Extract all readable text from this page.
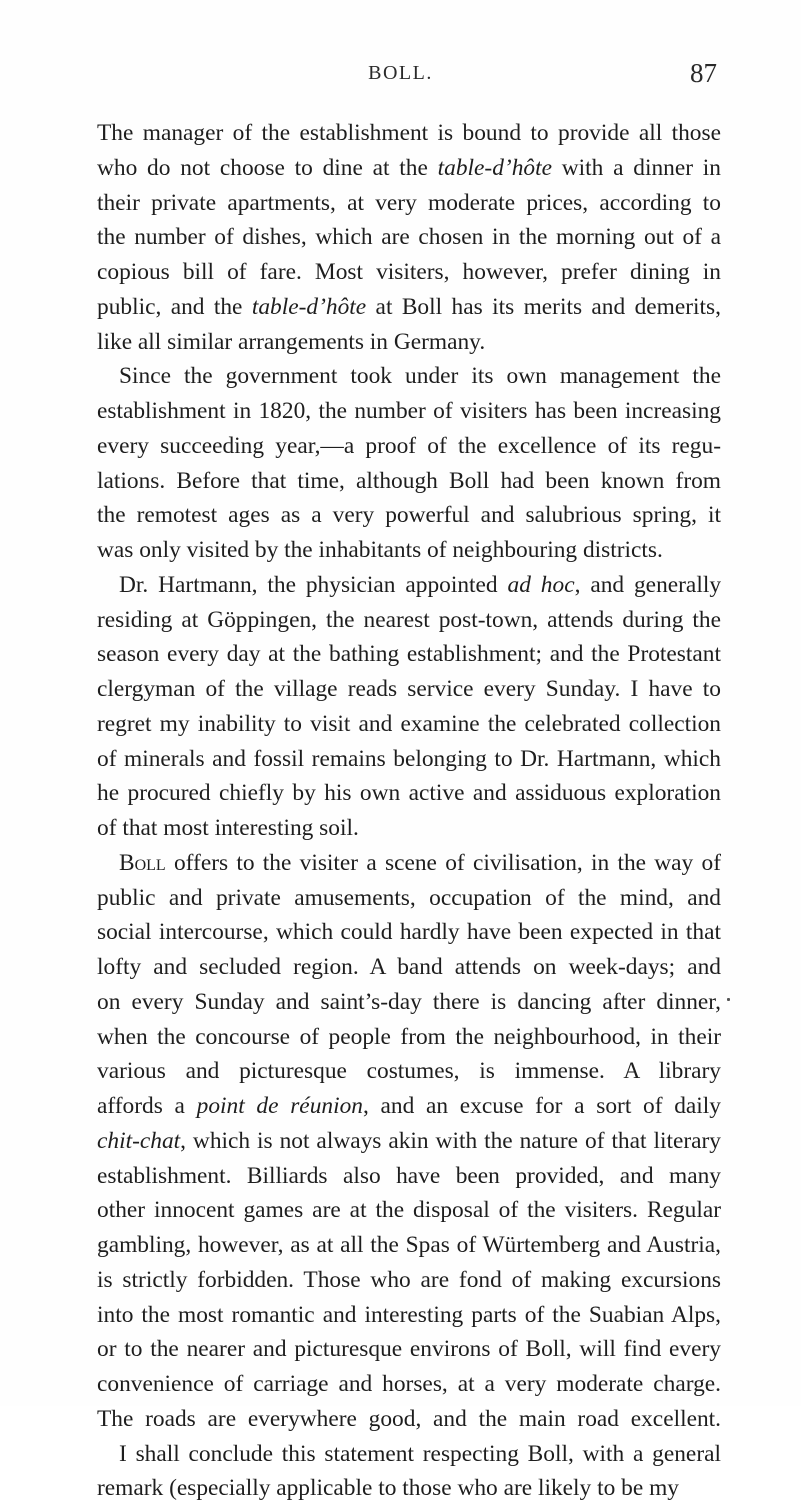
BOLL.	87
The manager of the establishment is bound to provide all those
who do not choose to dine at the table-d’hôte with a dinner in
their private apartments, at very moderate prices, according to
the number of dishes, which are chosen in the morning out of a
copious bill of fare. Most visiters, however, prefer dining in
public, and the table-d’hôte at Boll has its merits and demerits,
like all similar arrangements in Germany.
Since the government took under its own management the
establishment in 1820, the number of visiters has been increasing
every succeeding year,—a proof of the excellence of its regu-
lations. Before that time, although Boll had been known from
the remotest ages as a very powerful and salubrious spring, it
was only visited by the inhabitants of neighbouring districts.
Dr. Hartmann, the physician appointed ad hoc, and generally
residing at Göppingen, the nearest post-town, attends during the
season every day at the bathing establishment; and the Protestant
clergyman of the village reads service every Sunday. I have to
regret my inability to visit and examine the celebrated collection
of minerals and fossil remains belonging to Dr. Hartmann, which
he procured chiefly by his own active and assiduous exploration
of that most interesting soil.
Boll offers to the visiter a scene of civilisation, in the way of
public and private amusements, occupation of the mind, and
social intercourse, which could hardly have been expected in that
lofty and secluded region. A band attends on week-days; and
on every Sunday and saint’s-day there is dancing after dinner,
when the concourse of people from the neighbourhood, in their
various and picturesque costumes, is immense. A library
affords a point de réunion, and an excuse for a sort of daily
chit-chat, which is not always akin with the nature of that literary
establishment. Billiards also have been provided, and many
other innocent games are at the disposal of the visiters. Regular
gambling, however, as at all the Spas of Würtemberg and Austria,
is strictly forbidden. Those who are fond of making excursions
into the most romantic and interesting parts of the Suabian Alps,
or to the nearer and picturesque environs of Boll, will find every
convenience of carriage and horses, at a very moderate charge.
The roads are everywhere good, and the main road excellent.
I shall conclude this statement respecting Boll, with a general
remark (especially applicable to those who are likely to be my
